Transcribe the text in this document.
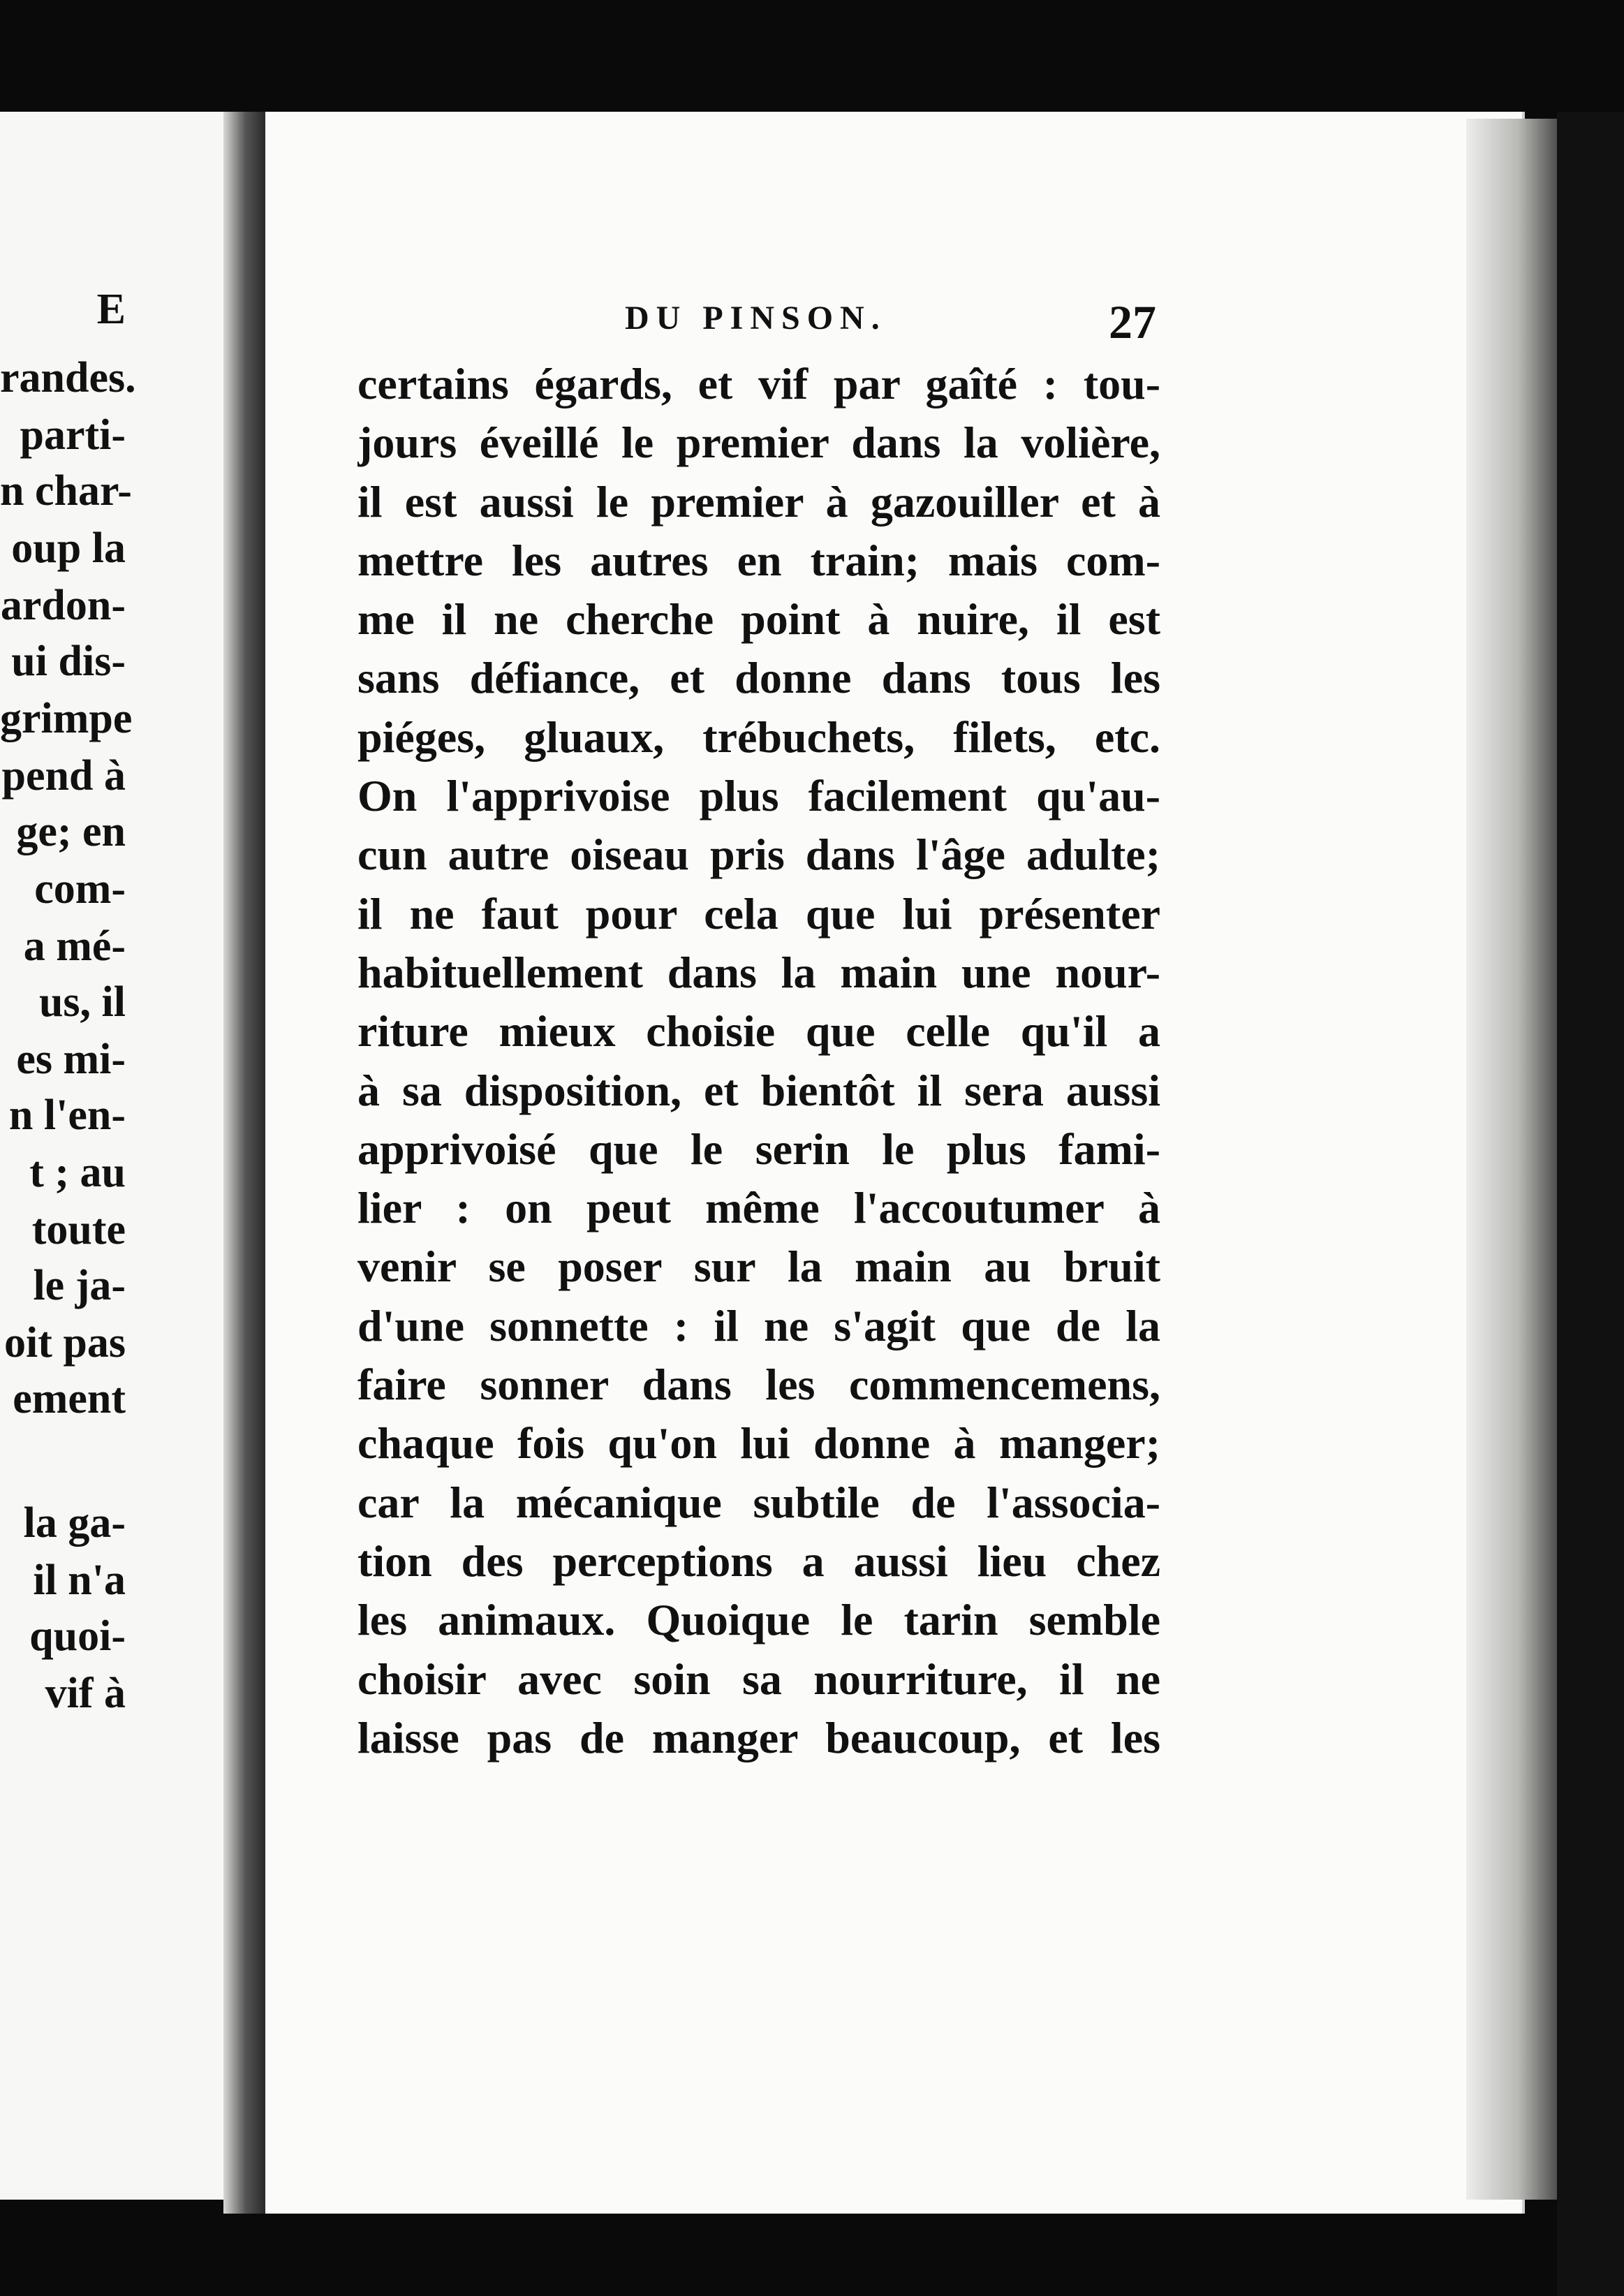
E
randes.
parti-
n char-
oup la
ardon-
ui dis-
grimpe
pend à
ge; en
com-
a mé-
us, il
es mi-
n l'en-
t ; au
toute
le ja-
oit pas
ement
la ga-
il n'a
quoi-
vif à
DU PINSON.	27
certains égards, et vif par gaîté : tou-
jours éveillé le premier dans la volière,
il est aussi le premier à gazouiller et à
mettre les autres en train; mais com-
me il ne cherche point à nuire, il est
sans défiance, et donne dans tous les
piéges, gluaux, trébuchets, filets, etc.
On l'apprivoise plus facilement qu'au-
cun autre oiseau pris dans l'âge adulte;
il ne faut pour cela que lui présenter
habituellement dans la main une nour-
riture mieux choisie que celle qu'il a
à sa disposition, et bientôt il sera aussi
apprivoisé que le serin le plus fami-
lier : on peut même l'accoutumer à
venir se poser sur la main au bruit
d'une sonnette : il ne s'agit que de la
faire sonner dans les commencemens,
chaque fois qu'on lui donne à manger;
car la mécanique subtile de l'associa-
tion des perceptions a aussi lieu chez
les animaux. Quoique le tarin semble
choisir avec soin sa nourriture, il ne
laisse pas de manger beaucoup, et les
